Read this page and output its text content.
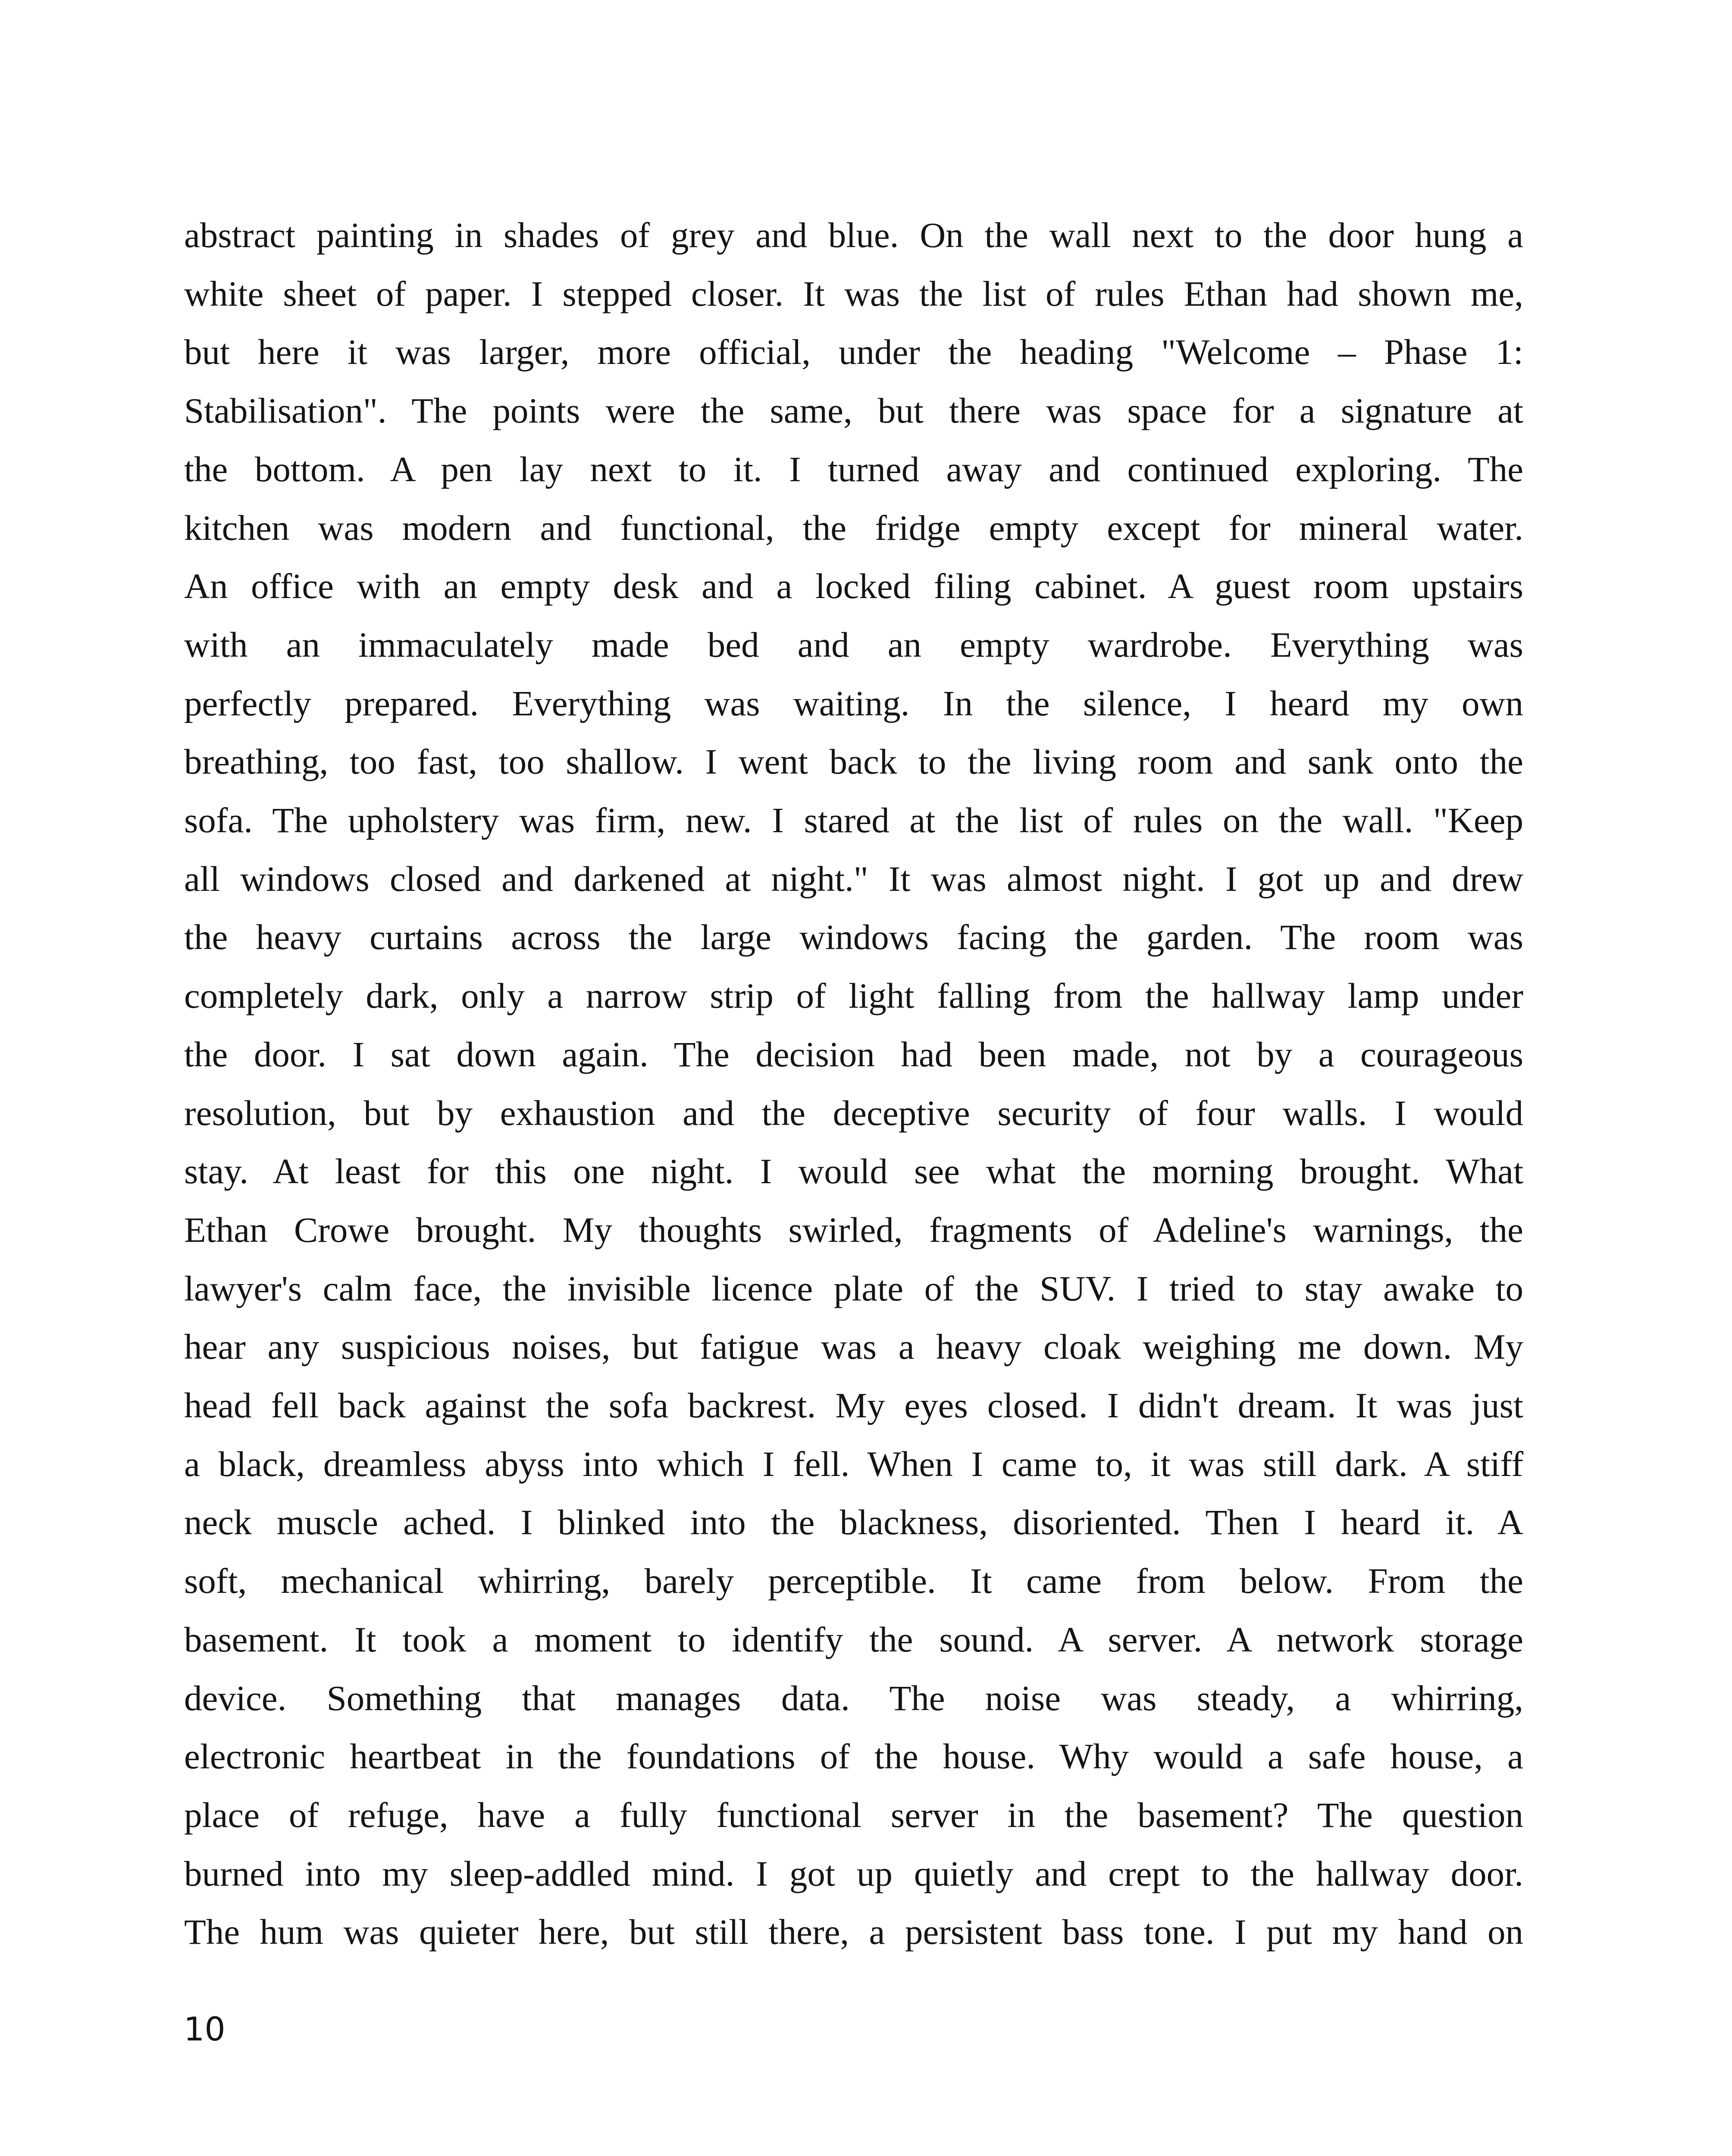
abstract painting in shades of grey and blue. On the wall next to the door hung a
white sheet of paper. I stepped closer. It was the list of rules Ethan had shown me,
but here it was larger, more official, under the heading "Welcome – Phase 1:
Stabilisation". The points were the same, but there was space for a signature at
the bottom. A pen lay next to it. I turned away and continued exploring. The
kitchen was modern and functional, the fridge empty except for mineral water.
An office with an empty desk and a locked filing cabinet. A guest room upstairs
with an immaculately made bed and an empty wardrobe. Everything was
perfectly prepared. Everything was waiting. In the silence, I heard my own
breathing, too fast, too shallow. I went back to the living room and sank onto the
sofa. The upholstery was firm, new. I stared at the list of rules on the wall. "Keep
all windows closed and darkened at night." It was almost night. I got up and drew
the heavy curtains across the large windows facing the garden. The room was
completely dark, only a narrow strip of light falling from the hallway lamp under
the door. I sat down again. The decision had been made, not by a courageous
resolution, but by exhaustion and the deceptive security of four walls. I would
stay. At least for this one night. I would see what the morning brought. What
Ethan Crowe brought. My thoughts swirled, fragments of Adeline's warnings, the
lawyer's calm face, the invisible licence plate of the SUV. I tried to stay awake to
hear any suspicious noises, but fatigue was a heavy cloak weighing me down. My
head fell back against the sofa backrest. My eyes closed. I didn't dream. It was just
a black, dreamless abyss into which I fell. When I came to, it was still dark. A stiff
neck muscle ached. I blinked into the blackness, disoriented. Then I heard it. A
soft, mechanical whirring, barely perceptible. It came from below. From the
basement. It took a moment to identify the sound. A server. A network storage
device. Something that manages data. The noise was steady, a whirring,
electronic heartbeat in the foundations of the house. Why would a safe house, a
place of refuge, have a fully functional server in the basement? The question
burned into my sleep-addled mind. I got up quietly and crept to the hallway door.
The hum was quieter here, but still there, a persistent bass tone. I put my hand on
10
